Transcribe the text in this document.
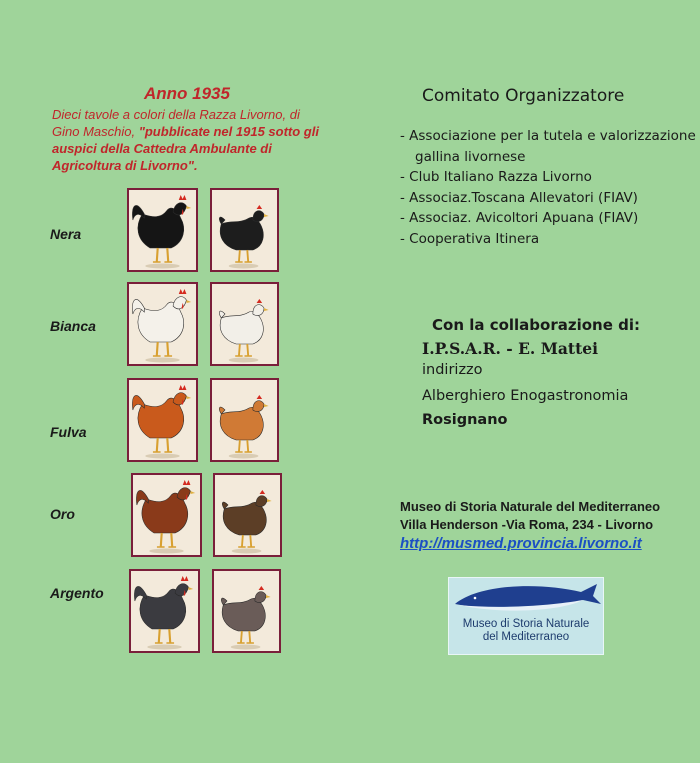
Anno 1935
Dieci tavole a colori della Razza Livorno, di Gino Maschio, "pubblicate nel 1915 sotto gli auspici della Cattedra Ambulante di Agricoltura di Livorno".
Nera
Bianca
Fulva
Oro
Argento
Comitato Organizzatore
- Associazione per la tutela e valorizzazione gallina livornese
- Club Italiano Razza Livorno
- Associaz.Toscana Allevatori (FIAV)
- Associaz. Avicoltori Apuana (FIAV)
- Cooperativa Itinera
Con la collaborazione di:
I.P.S.A.R. - E. Mattei
indirizzo
Alberghiero Enogastronomia
Rosignano
Museo di Storia Naturale del Mediterraneo
Villa Henderson -Via Roma, 234 - Livorno
http://musmed.provincia.livorno.it
Museo di Storia Naturale
del Mediterraneo
